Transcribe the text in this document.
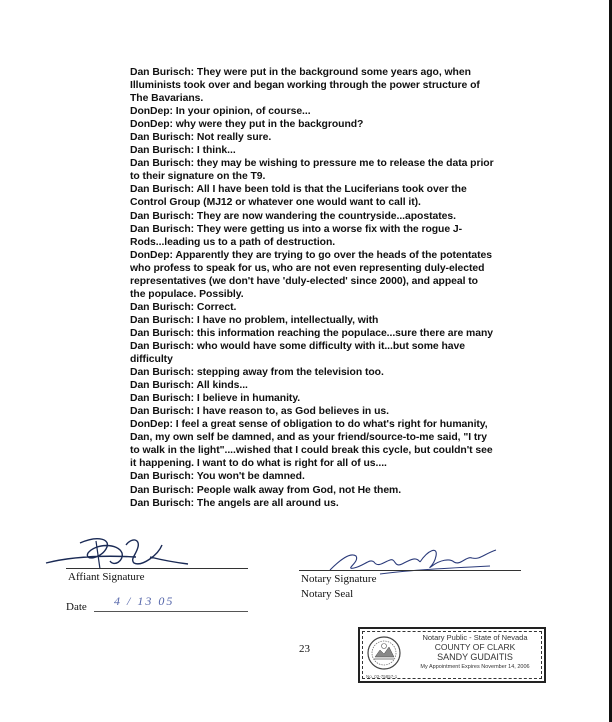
Dan Burisch: They were put in the background some years ago, when
Illuminists took over and began working through the power structure of
The Bavarians.
DonDep: In your opinion, of course...
DonDep: why were they put in the background?
Dan Burisch: Not really sure.
Dan Burisch: I think...
Dan Burisch: they may be wishing to pressure me to release the data prior
to their signature on the T9.
Dan Burisch: All I have been told is that the Luciferians took over the
Control Group (MJ12 or whatever one would want to call it).
Dan Burisch: They are now wandering the countryside...apostates.
Dan Burisch: They were getting us into a worse fix with the rogue J-
Rods...leading us to a path of destruction.
DonDep: Apparently they are trying to go over the heads of the potentates
who profess to speak for us, who are not even representing duly-elected
representatives (we don't have 'duly-elected' since 2000), and appeal to
the populace. Possibly.
Dan Burisch: Correct.
Dan Burisch: I have no problem, intellectually, with
Dan Burisch: this information reaching the populace...sure there are many
Dan Burisch: who would have some difficulty with it...but some have
difficulty
Dan Burisch: stepping away from the television too.
Dan Burisch: All kinds...
Dan Burisch: I believe in humanity.
Dan Burisch: I have reason to, as God believes in us.
DonDep: I feel a great sense of obligation to do what's right for humanity,
Dan, my own self be damned, and as your friend/source-to-me said, "I try
to walk in the light"....wished that I could break this cycle, but couldn't see
it happening. I want to do what is right for all of us....
Dan Burisch: You won't be damned.
Dan Burisch: People walk away from God, not He them.
Dan Burisch: The angels are all around us.
Affiant Signature	Notary Signature
Notary Seal
Date 4 / 13 05
23
Notary Public - State of Nevada
COUNTY OF CLARK
SANDY GUDAITIS
My Appointment Expires November 14, 2006
No. 02-75857-1
